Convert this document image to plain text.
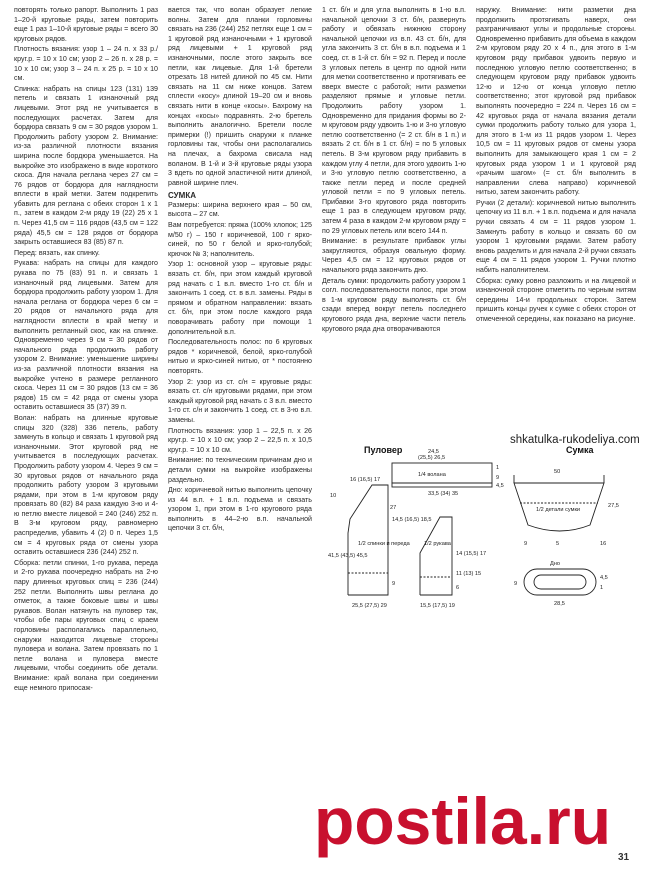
повторять только рапорт. Выполнить 1 раз 1–20-й круговые ряды, затем повторить еще 1 раз 1–10-й круговые ряды = всего 30 круговых рядов.

Плотность вязания: узор 1 – 24 п. x 33 р./круг.р. = 10 x 10 см; узор 2 – 26 п. x 28 р. = 10 x 10 см; узор 3 – 24 п. x 25 р. = 10 x 10 см.

Спинка: набрать на спицы 123 (131) 139 петель и связать 1 изнаночный ряд лицевыми. Этот ряд не учитывается в последующих расчетах. Затем для бордюра связать 9 см = 30 рядов узором 1. Продолжить работу узором 2. Внимание: из-за различной плотности вязания ширина после бордюра уменьшается. На выкройке это изображено в виде короткого скоса. Для начала реглана через 27 см = 76 рядов от бордюра для наглядности вплести в край метки. Затем подкрепить убавить для реглана с обеих сторон 1 x 1 п., затем в каждом 2-м ряду 19 (22) 25 x 1 п. Через 41,5 см = 116 рядов (43,5 см = 122 ряда) 45,5 см = 128 рядов от бордюра закрыть оставшиеся 83 (85) 87 п.

Перед: вязать, как спинку.

Рукава: набрать на спицы для каждого рукава по 75 (83) 91 п. и связать 1 изнаночный ряд лицевыми. Затем для бордюра продолжить работу узором 1. Для начала реглана от бордюра через 6 см = 20 рядов от начального ряда для наглядности вплести в край метку и выполнить регланный скос, как на спинке. Одновременно через 9 см = 30 рядов от начального ряда продолжить работу узором 2. Внимание: уменьшение ширины из-за различной плотности вязания на выкройке учтено в размере регланного скоса. Через 11 см = 30 рядов (13 см = 36 рядов) 15 см = 42 ряда от смены узора оставить оставшиеся 35 (37) 39 п.

Волан: набрать на длинные круговые спицы 320 (328) 336 петель, работу замкнуть в кольцо и связать 1 круговой ряд изнаночными. Этот круговой ряд не учитывается в последующих расчетах. Продолжить работу узором 4. Через 9 см = 30 круговых рядов от начального ряда продолжить работу узором 3 круговыми рядами, при этом в 1-м круговом ряду провязать 80 (82) 84 раза каждую 3-ю и 4-ю петлю вместе лицевой = 240 (246) 252 п. В 3-м круговом ряду, равномерно распределив, убавить 4 (2) 0 п. Через 1,5 см = 4 круговых ряда от смены узора оставить оставшиеся 236 (244) 252 п.

Сборка: петли спинки, 1-го рукава, переда и 2-го рукава поочередно набрать на 2-ю пару длинных круговых спиц = 236 (244) 252 петли. Выполнить швы реглана до отметок, а также боковые швы и швы рукавов. Волан натянуть на пуловер так, чтобы обе пары круговых спиц с краем горловины располагались параллельно, снаружи находится лицевые стороны пуловера и волана. Затем провязать по 1 петле волана и пуловера вместе лицевыми, чтобы соединить обе детали. Внимание: край волана при соединении еще немного припосаж-

вается так, что волан образует легкие волны. Затем для планки горловины связать на 236 (244) 252 петлях еще 1 см = 1 круговой ряд изнаночными + 1 круговой ряд лицевыми + 1 круговой ряд изнаночными, после этого закрыть все петли, как лицевые. Для 1-й бретели отрезать 18 нитей длиной по 45 см. Нити связать на 11 см ниже концов. Затем сплести «косу» длиной 19–20 см и вновь связать нити в конце «косы». Бахрому на концах «косы» подравнять. 2-ю бретель выполнить аналогично. Бретели после примерки (!) пришить снаружи к планке горловины так, чтобы они располагались на плечах, а бахрома свисала над воланом. В 1-й и 3-й круговые ряды узора 3 вдеть по одной эластичной нити длиной, равной ширине плеч.

СУМКА

Размеры: ширина верхнего края – 50 см, высота – 27 см.

Вам потребуется: пряжа (100% хлопок; 125 м/50 г) – 150 г коричневой, 100 г ярко-синей, по 50 г белой и ярко-голубой; крючок № 3; наполнитель.

Узор 1: основной узор – круговые ряды: вязать ст. б/н, при этом каждый круговой ряд начать с 1 в.п. вместо 1-го ст. б/н и закончить 1 соед. ст. в в.п. замены. Ряды в прямом и обратном направлении: вязать ст. б/н, при этом после каждого ряда поворачивать работу при помощи 1 дополнительной в.п.

Последовательность полос: по 6 круговых рядов * коричневой, белой, ярко-голубой нитью и ярко-синей нитью, от * постоянно повторять.

Узор 2: узор из ст. с/н = круговые ряды: вязать ст. с/н круговыми рядами, при этом каждый круговой ряд начать с 3 в.п. вместо 1-го ст. с/н и закончить 1 соед. ст. в 3-ю в.п. замены.

Плотность вязания: узор 1 – 22,5 п. x 26 круг.р. = 10 x 10 см; узор 2 – 22,5 п. x 10,5 круг.р. = 10 x 10 см.

Внимание: по техническим причинам дно и детали сумки на выкройке изображены раздельно.

Дно: коричневой нитью выполнить цепочку из 44 в.п. + 1 в.п. подъема и связать узором 1, при этом в 1-го кругового ряда выполнить в 44–2-ю в.п. начальной цепочки 3 ст. б/н,

1 ст. б/н и для угла выполнить в 1-ю в.п. начальной цепочки 3 ст. б/н, развернуть работу и обвязать нижнюю сторону начальной цепочки из в.п. 43 ст. б/н, для угла закончить 3 ст. б/н в в.п. подъема и 1 соед. ст. в 1-й ст. б/н = 92 п. Перед и после 3 угловых петель в центр по одной нити для метки соответственно и протягивать ее вверх вместе с работой; нити разметки разделяют прямые и угловые петли. Продолжить работу узором 1. Одновременно для придания формы во 2-м круговом ряду удвоить 1-ю и 3-ю угловую петлю соответственно (= 2 ст. б/н в 1 п.) и вязать 2 ст. б/н в 1 ст. б/н) = по 5 угловых петель. В 3-м круговом ряду прибавить в каждом углу 4 петли, для этого удвоить 1-ю и 3-ю угловую петлю соответственно, а также петли перед и после средней угловой петли = по 9 угловых петель. Прибавки 3-го кругового ряда повторить еще 1 раз в следующем круговом ряду, затем 4 раза в каждом 2-м круговом ряду = по 29 угловых петель или всего 144 п.

Внимание: в результате прибавок углы закругляются, образуя овальную форму. Через 4,5 см = 12 круговых рядов от начального ряда закончить дно.

Деталь сумки: продолжить работу узором 1 согл. последовательности полос, при этом в 1-м круговом ряду выполнять ст. б/н сзади вперед вокруг петель последнего кругового ряда дна, верхние части петель кругового ряда дна отворачиваются

наружу. Внимание: нити разметки дна продолжить протягивать наверх, они разграничивают углы и продольные стороны. Одновременно прибавить для объема в каждом 2-м круговом ряду 20 x 4 п., для этого в 1-м круговом ряду прибавок удвоить первую и последнюю угловую петлю соответственно; в следующем круговом ряду прибавок удвоить 12-ю и 12-ю от конца угловую петлю соответственно; этот круговой ряд прибавок выполнять поочередно = 224 п. Через 16 см = 42 круговых ряда от начала вязания детали сумки продолжить работу только для узора 1, для этого в 1-м из 11 рядов узором 1. Через 10,5 см = 11 круговых рядов от смены узора выполнить для замыкающего края 1 см = 2 круговых ряда узором 1 и 1 круговой ряд «рачьим шагом» (= ст. б/н выполнить в направлении слева направо) коричневой нитью, затем закончить работу.

Ручки (2 детали): коричневой нитью выполнить цепочку из 11 в.п. + 1 в.п. подъема и для начала ручки связать 4 см = 11 рядов узором 1. Замкнуть работу в кольцо и связать 60 см узором 1 круговыми рядами. Затем работу вновь разделить и для начала 2-й ручки связать еще 4 см = 11 рядов узором 1. Ручки плотно набить наполнителем.

Сборка: сумку ровно разложить и на лицевой и изнаночной стороне отметить по черным нитям середины 14-и продольных сторон. Затем пришить концы ручек к сумке с обеих сторон от отмеченной середины, как показано на рисунке.

shkatulka-rukodeliya.com
Пуловер	Сумка
1/2 спинки и переда
1/4 волана
1/2 рукава
24,5
(25,5) 26,5
33,5 (34) 35
16 (16,5) 17
10
1
9
4,5
27
14,5 (16,5) 18,5
41,5 (43,5) 45,5
25,5 (27,5) 29	15,5 (17,5) 19
14 (15,5) 17
11 (13) 15
9
6
1/2 детали сумки
50
27,5
9	5	16
Дно
28,5
9
4,5
1
postila.ru 31
